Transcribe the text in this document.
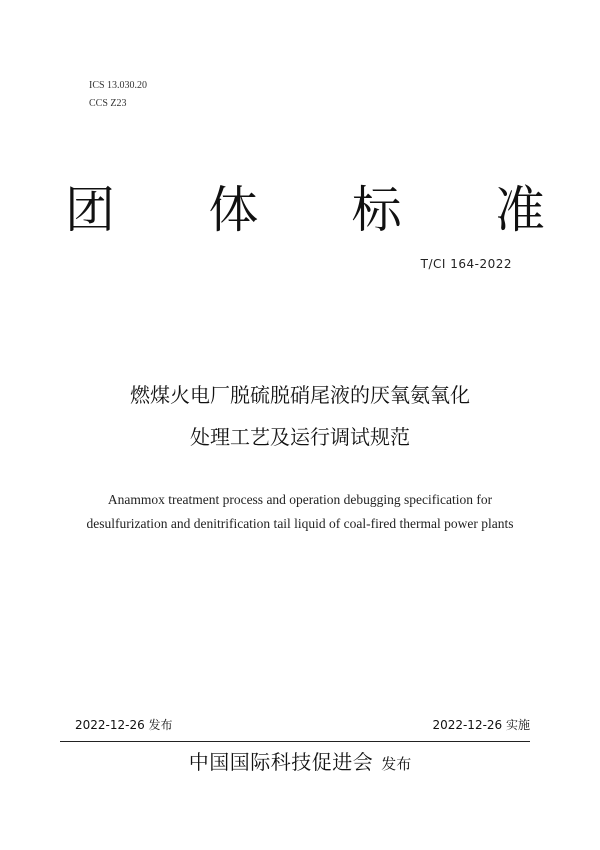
ICS 13.030.20
CCS Z23
团 体 标 准
T/CI 164-2022
燃煤火电厂脱硫脱硝尾液的厌氧氨氧化
处理工艺及运行调试规范
Anammox treatment process and operation debugging specification for desulfurization and denitrification tail liquid of coal-fired thermal power plants
2022-12-26 发布	2022-12-26 实施
中国国际科技促进会 发布
